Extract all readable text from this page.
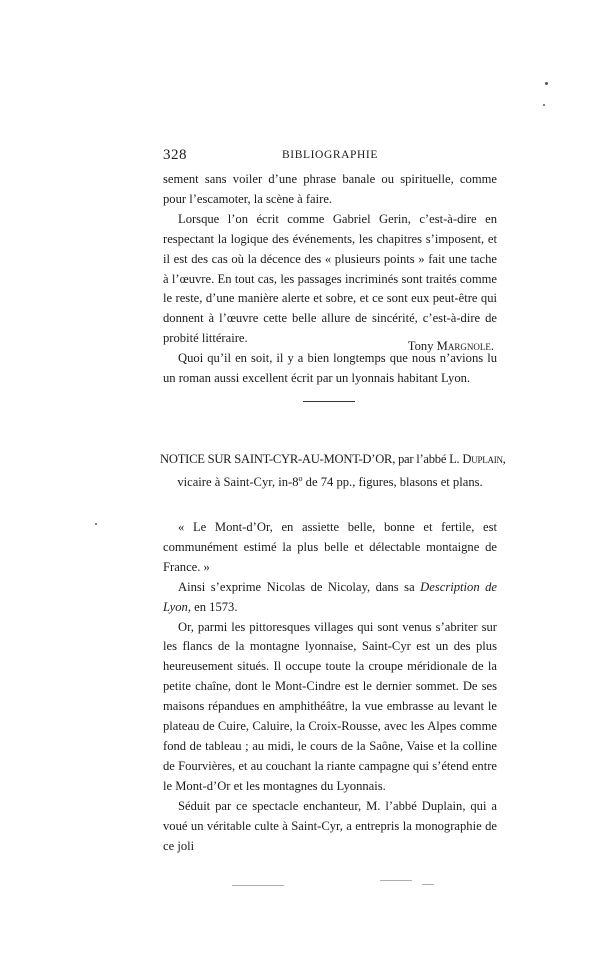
328	BIBLIOGRAPHIE

sement sans voiler d’une phrase banale ou spirituelle, comme pour l’escamoter, la scène à faire.

Lorsque l’on écrit comme Gabriel Gerin, c’est-à-dire en respectant la logique des événements, les chapitres s’imposent, et il est des cas où la décence des « plusieurs points » fait une tache à l’œuvre. En tout cas, les passages incriminés sont traités comme le reste, d’une manière alerte et sobre, et ce sont eux peut-être qui donnent à l’œuvre cette belle allure de sincérité, c’est-à-dire de probité littéraire.

Quoi qu’il en soit, il y a bien longtemps que nous n’avions lu un roman aussi excellent écrit par un lyonnais habitant Lyon.

Tony Margnole.
NOTICE SUR SAINT-CYR-AU-MONT-D’OR, par l’abbé L. Duplain,
vicaire à Saint-Cyr, in-8$^o$ de 74 pp., figures, blasons et plans.

« Le Mont-d’Or, en assiette belle, bonne et fertile, est communément estimé la plus belle et délectable montaigne de France. »

Ainsi s’exprime Nicolas de Nicolay, dans sa Description de Lyon, en 1573.

Or, parmi les pittoresques villages qui sont venus s’abriter sur les flancs de la montagne lyonnaise, Saint-Cyr est un des plus heureusement situés. Il occupe toute la croupe méridionale de la petite chaîne, dont le Mont-Cindre est le dernier sommet. De ses maisons répandues en amphithéâtre, la vue embrasse au levant le plateau de Cuire, Caluire, la Croix-Rousse, avec les Alpes comme fond de tableau ; au midi, le cours de la Saône, Vaise et la colline de Fourvières, et au couchant la riante campagne qui s’étend entre le Mont-d’Or et les montagnes du Lyonnais.

Séduit par ce spectacle enchanteur, M. l’abbé Duplain, qui a voué un véritable culte à Saint-Cyr, a entrepris la monographie de ce joli
